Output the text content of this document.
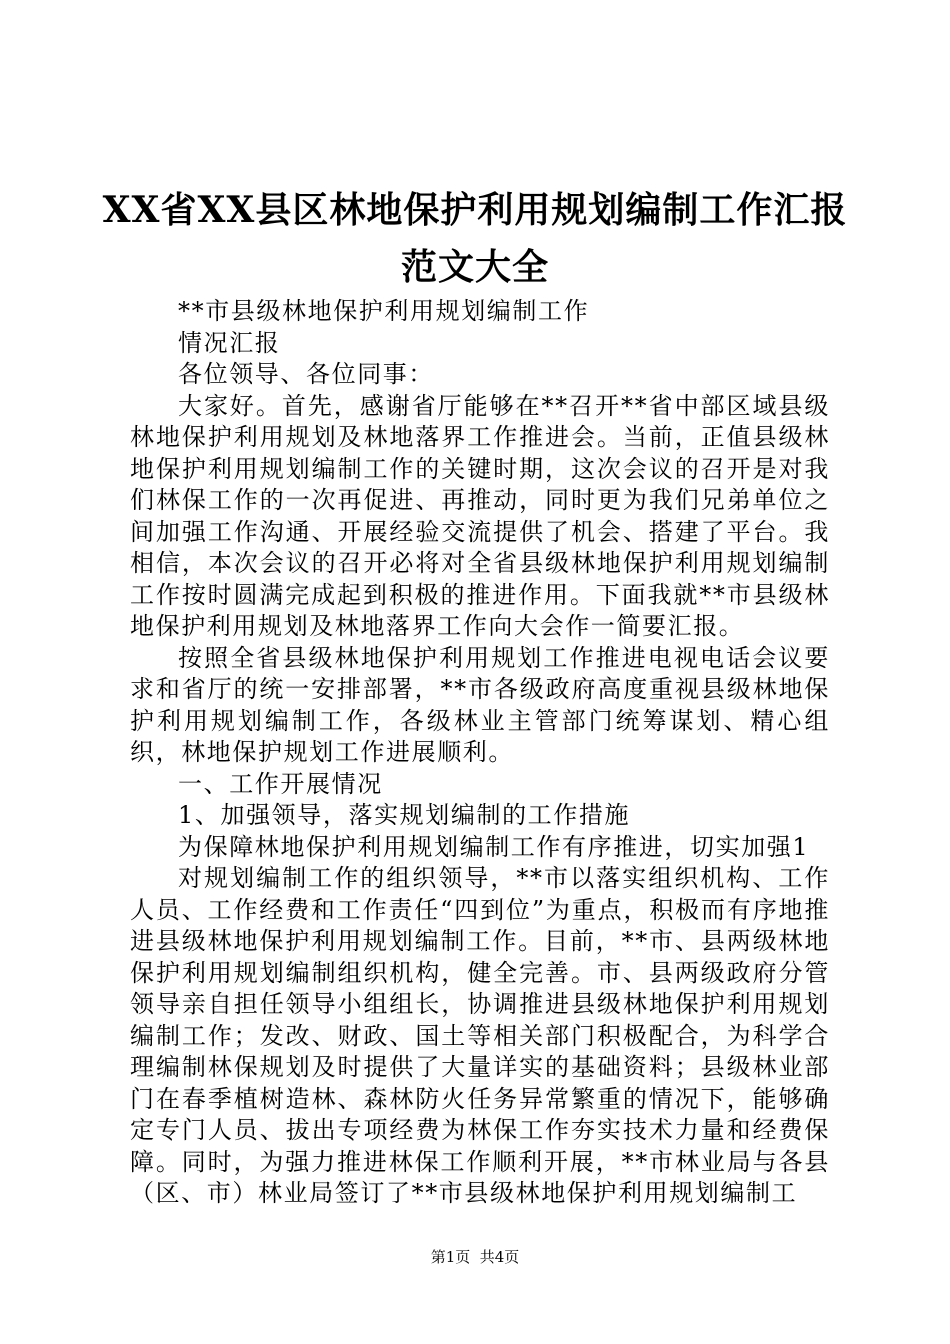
XX省XX县区林地保护利用规划编制工作汇报
范文大全

**市县级林地保护利用规划编制工作

情况汇报

各位领导、各位同事：

大家好。首先，感谢省厅能够在**召开**省中部区域县级林地保护利用规划及林地落界工作推进会。当前，正值县级林地保护利用规划编制工作的关键时期，这次会议的召开是对我们林保工作的一次再促进、再推动，同时更为我们兄弟单位之间加强工作沟通、开展经验交流提供了机会、搭建了平台。我相信，本次会议的召开必将对全省县级林地保护利用规划编制工作按时圆满完成起到积极的推进作用。下面我就**市县级林地保护利用规划及林地落界工作向大会作一简要汇报。

按照全省县级林地保护利用规划工作推进电视电话会议要求和省厅的统一安排部署，**市各级政府高度重视县级林地保护利用规划编制工作，各级林业主管部门统筹谋划、精心组织，林地保护规划工作进展顺利。

一、工作开展情况

1、加强领导，落实规划编制的工作措施

为保障林地保护利用规划编制工作有序推进，切实加强1

对规划编制工作的组织领导，**市以落实组织机构、工作人员、工作经费和工作责任“四到位”为重点，积极而有序地推进县级林地保护利用规划编制工作。目前，**市、县两级林地保护利用规划编制组织机构，健全完善。市、县两级政府分管领导亲自担任领导小组组长，协调推进县级林地保护利用规划编制工作；发改、财政、国土等相关部门积极配合，为科学合理编制林保规划及时提供了大量详实的基础资料；县级林业部门在春季植树造林、森林防火任务异常繁重的情况下，能够确定专门人员、拔出专项经费为林保工作夯实技术力量和经费保障。同时，为强力推进林保工作顺利开展，**市林业局与各县（区、市）林业局签订了**市县级林地保护利用规划编制工

第1页  共4页
